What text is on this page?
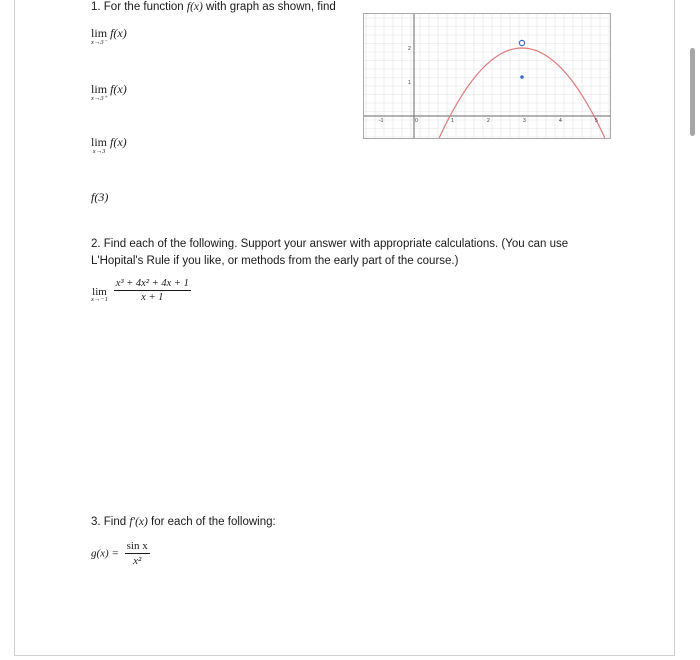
1. For the function f(x) with graph as shown, find
lim
x→3⁻
f(x)
lim
x→3⁺
f(x)
lim
x→3
f(x)
f(3)
-1	0	1	2	3	4	5
1
2
2. Find each of the following. Support your answer with appropriate calculations. (You can use
L'Hopital's Rule if you like, or methods from the early part of the course.)
lim
x→−1
$\frac{\text{x³ + 4x² + 4x + 1}}{x + 1}$
3. Find f′(x) for each of the following:
$g(x) = \frac{\text{sin x}}{\text{x²}}$
